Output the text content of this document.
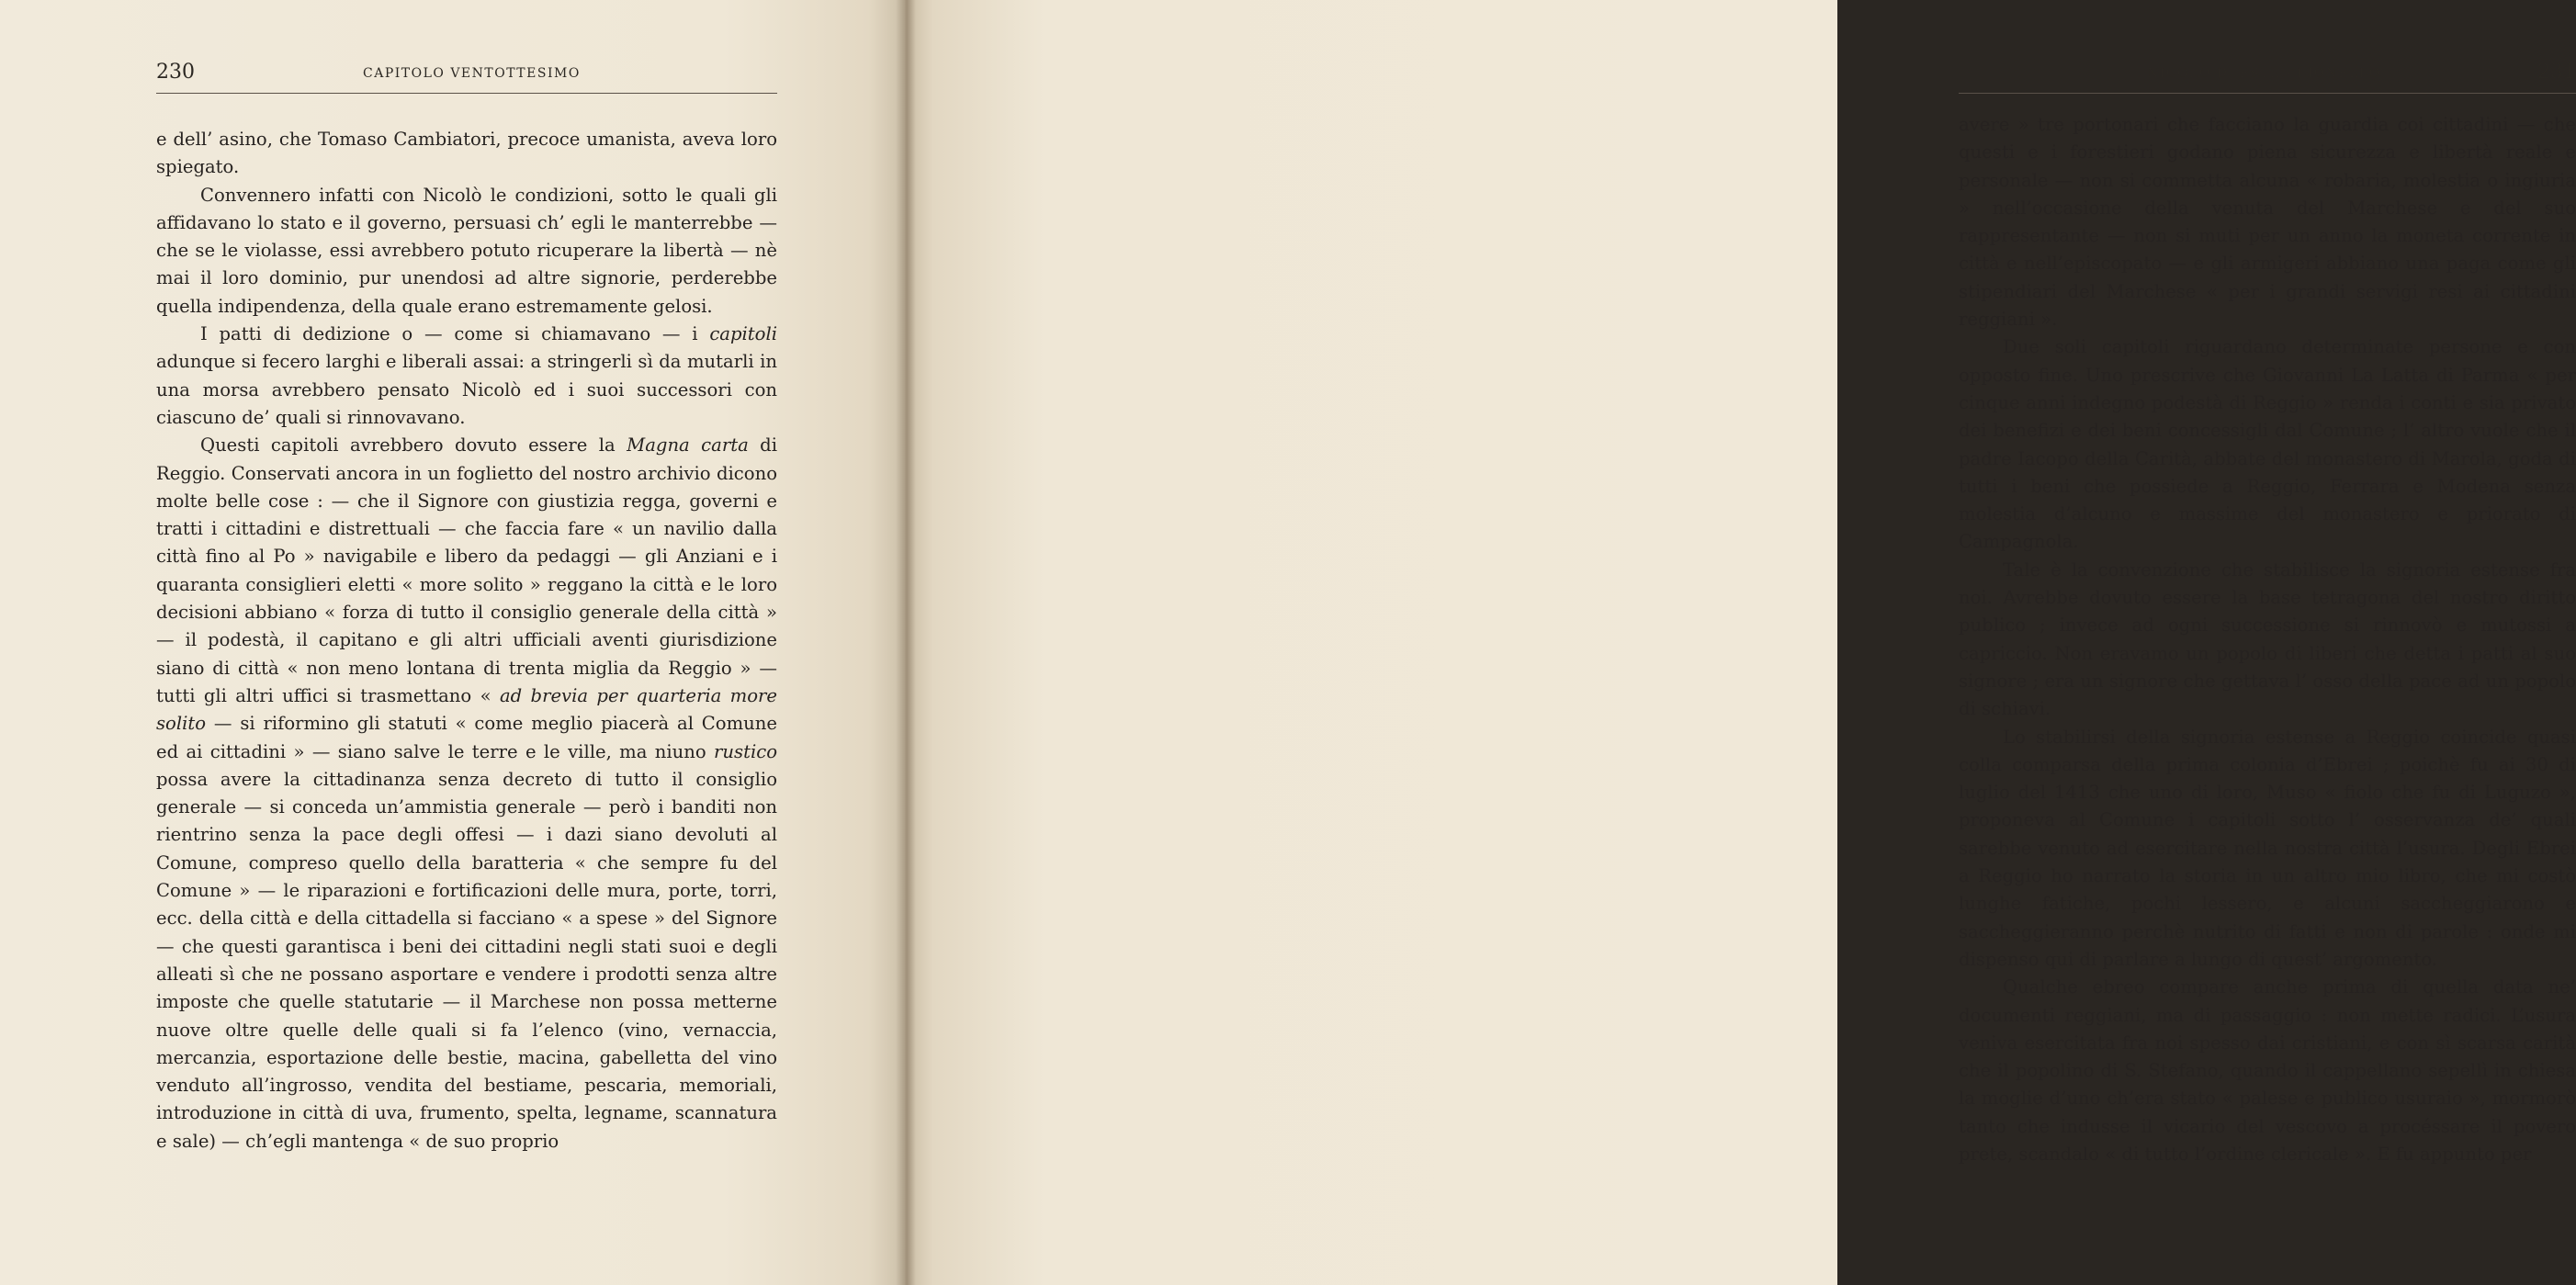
230	CAPITOLO VENTOTTESIMO

e dell’ asino, che Tomaso Cambiatori, precoce umanista, aveva loro spiegato.

Convennero infatti con Nicolò le condizioni, sotto le quali gli affidavano lo stato e il governo, persuasi ch’ egli le manterrebbe — che se le violasse, essi avrebbero potuto ricuperare la libertà — nè mai il loro dominio, pur unendosi ad altre signorie, perderebbe quella indipendenza, della quale erano estremamente gelosi.

I patti di dedizione o — come si chiamavano — i capitoli adunque si fecero larghi e liberali assai: a stringerli sì da mutarli in una morsa avrebbero pensato Nicolò ed i suoi successori con ciascuno de’ quali si rinnovavano.

Questi capitoli avrebbero dovuto essere la Magna carta di Reggio. Conservati ancora in un foglietto del nostro archivio dicono molte belle cose : — che il Signore con giustizia regga, governi e tratti i cittadini e distrettuali — che faccia fare « un navilio dalla città fino al Po » navigabile e libero da pedaggi — gli Anziani e i quaranta consiglieri eletti « more solito » reggano la città e le loro decisioni abbiano « forza di tutto il consiglio generale della città » — il podestà, il capitano e gli altri ufficiali aventi giurisdizione siano di città « non meno lontana di trenta miglia da Reggio » — tutti gli altri uffici si trasmettano « ad brevia per quarteria more solito — si riformino gli statuti « come meglio piacerà al Comune ed ai cittadini » — siano salve le terre e le ville, ma niuno rustico possa avere la cittadinanza senza decreto di tutto il consiglio generale — si conceda un’ammistia generale — però i banditi non rientrino senza la pace degli offesi — i dazi siano devoluti al Comune, compreso quello della baratteria « che sempre fu del Comune » — le riparazioni e fortificazioni delle mura, porte, torri, ecc. della città e della cittadella si facciano « a spese » del Signore — che questi garantisca i beni dei cittadini negli stati suoi e degli alleati sì che ne possano asportare e vendere i prodotti senza altre imposte che quelle statutarie — il Marchese non possa metterne nuove oltre quelle delle quali si fa l’elenco (vino, vernaccia, mercanzia, esportazione delle bestie, macina, gabelletta del vino venduto all’ingrosso, vendita del bestiame, pescaria, memoriali, introduzione in città di uva, frumento, spelta, legname, scannatura e sale) — ch’egli mantenga « de suo proprio

NICOLÒ D’ ESTE - LIONELLO	231

avere » tre portonari che facciano la guardia coi cittadini — che questi e i forestieri godano piena sicurezza e libertà reale e personale — non si commetta alcuna « robaria, molestia o ingiuria » nell’occasione della venuta del Marchese e del suo rappresentante — non si muti per un anno la moneta corrente in città e nell’episcopato — e gli armigeri abbiano una paga come gli stipendiari del Marchese « per i grandi servigi resi ai cittadini reggiani ».

Due soli capitoli riguardano determinate persone e con opposto fine. Uno prescrive che Giovanni La Latta di Parma « per cinque anni indegno podestà di Reggio » renda i conti e sia privato dei benefizi e dei beni concessigli dal Comune ; l’ altro vuole che il padre Iacopo della Carità, abbate del monastero di Marola, goda di tutti i beni che possiede a Reggio, Ferrara e Modena senza molestia d’alcuno e massime del monastero e priorato di Campagnola.

Tale è la convenzione che stabilisce la signoria estense fra noi. Avrebbe dovuto essere la base tetragona del nostro diritto publico ; invece ad ogni successione si rinnovò e mutossi a capriccio. Non eravamo un popolo di liberi che detta i patti al suo signore ; era un signore che gettava l’ osso della pace ad un popolo di schiavi.

Lo stabilirsi della signoria estense a Reggio coincide quasi colla comparsa della prima colonia d’Ebrei ; poichè fu ai 30 di luglio del 1413 che uno di loro, Muso « fiolo che fu di Luguzo », proponeva al Comune i capitoli sotto l’ osservanza de’ quali sarebbe venuto ad esercitare nella nostra città l’usura. Degli Ebrei a Reggio ho narrato la storia in un altro mio libro, che mi costò lunghe fatiche, pochi lessero, e alcuni saccheggiarono e saccheggieranno perchè nutrito di fatti e non di parole : onde mi dispenso qui di parlare a lungo di quest’ argomento.

Qualche ebreo compare anche prima di quella data ne’ documenti reggiani, ma di passaggio : non mette radici. L’usura veniva esercitata fra noi spesso dai cristiani, e con sì scarsa carità che il popolino di S. Stefano, quando il cappellano sepellì in chiesa la moglie d’uno ch’era stato « palese e publico usuraio », mormorò tanto che indusse il vicario del vescovo a procéssare il povero prete, scandalo « di tutto l’ordine clericale ». E fu appunto per
